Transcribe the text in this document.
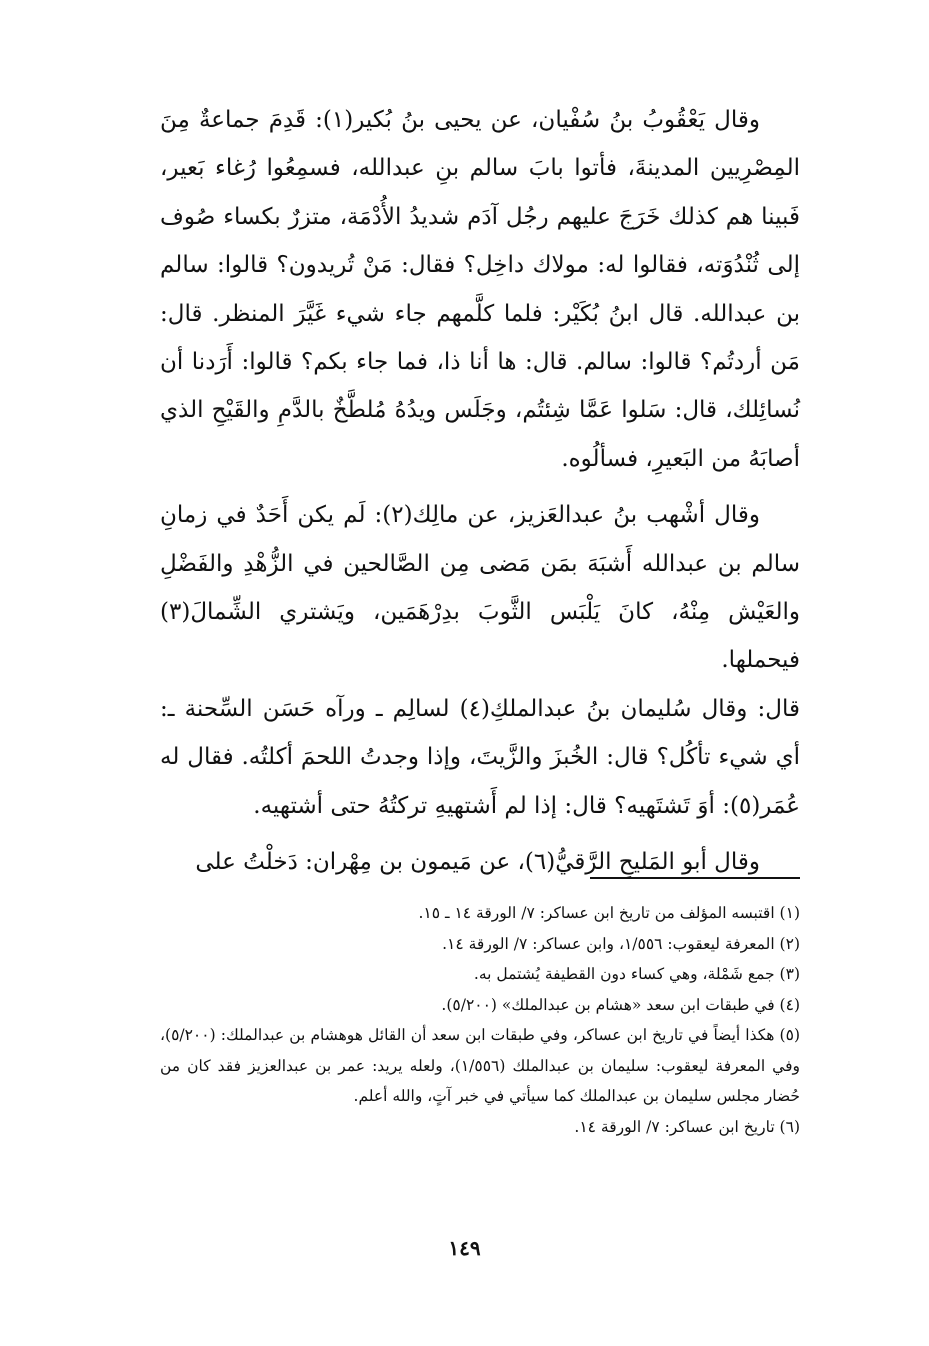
وقال يَعْقُوبُ بنُ سُفْيان، عن يحيى بنُ بُكير(١): قَدِمَ جماعةٌ مِنَ المِصْرِيين المدينةَ، فأتوا بابَ سالم بنِ عبدالله، فسمِعُوا رُغاء بَعير، فَبينا هم كذلك خَرَجَ عليهم رجُل آدَم شديدُ الأُدْمَة، متزرٌ بكساء صُوف إلى ثُنْدُوَته، فقالوا له: مولاك داخِل؟ فقال: مَنْ تُريدون؟ قالوا: سالم بن عبدالله. قال ابنُ بُكَيْر: فلما كلَّمهم جاء شيء غَيَّرَ المنظر. قال: مَن أردتُم؟ قالوا: سالم. قال: ها أنا ذا، فما جاء بكم؟ قالوا: أَرَدنا أن نُسائِلك، قال: سَلوا عَمَّا شِئتُم، وجَلَس ويدُهُ مُلطَّخٌ بالدَّمِ والقَيْحِ الذي أصابَهُ من البَعيرِ، فسألُوه.

وقال أشْهب بنُ عبدالعَزيز، عن مالِك(٢): لَم يكن أَحَدٌ في زمانِ سالم بن عبدالله أَشبَهَ بمَن مَضى مِن الصَّالحين في الزُّهْدِ والفَضْلِ والعَيْش مِنْهُ، كانَ يَلْبَس الثَّوبَ بدِرْهَمَين، ويَشتري الشِّمالَ(٣) فيحملها.

قال: وقال سُليمان بنُ عبدالملكِ(٤) لسالِم ـ ورآه حَسَن السِّحنة ـ: أي شيء تأكُل؟ قال: الخُبزَ والزَّيتَ، وإذا وجدتُ اللحمَ أكلتُه. فقال له عُمَر(٥): أوَ تَشتَهيه؟ قال: إذا لم أَشتهيهِ تركتُهُ حتى أشتهيه.

وقال أبو المَليحِ الرَّقيُّ(٦)، عن مَيمون بن مِهْران: دَخلْتُ على

(١) اقتبسه المؤلف من تاريخ ابن عساكر: ٧/ الورقة ١٤ ـ ١٥.

(٢) المعرفة ليعقوب: ١/٥٥٦، وابن عساكر: ٧/ الورقة ١٤.

(٣) جمع شَمْلة، وهي كساء دون القطيفة يُشتمل به.

(٤) في طبقات ابن سعد «هشام بن عبدالملك» (٥/٢٠٠).

(٥) هكذا أيضاً في تاريخ ابن عساكر، وفي طبقات ابن سعد أن القائل هوهشام بن عبدالملك: (٥/٢٠٠)، وفي المعرفة ليعقوب: سليمان بن عبدالملك (١/٥٥٦)، ولعله يريد: عمر بن عبدالعزيز فقد كان من حُضار مجلس سليمان بن عبدالملك كما سيأتي في خبر آتٍ، والله أعلم.

(٦) تاريخ ابن عساكر: ٧/ الورقة ١٤.

١٤٩
